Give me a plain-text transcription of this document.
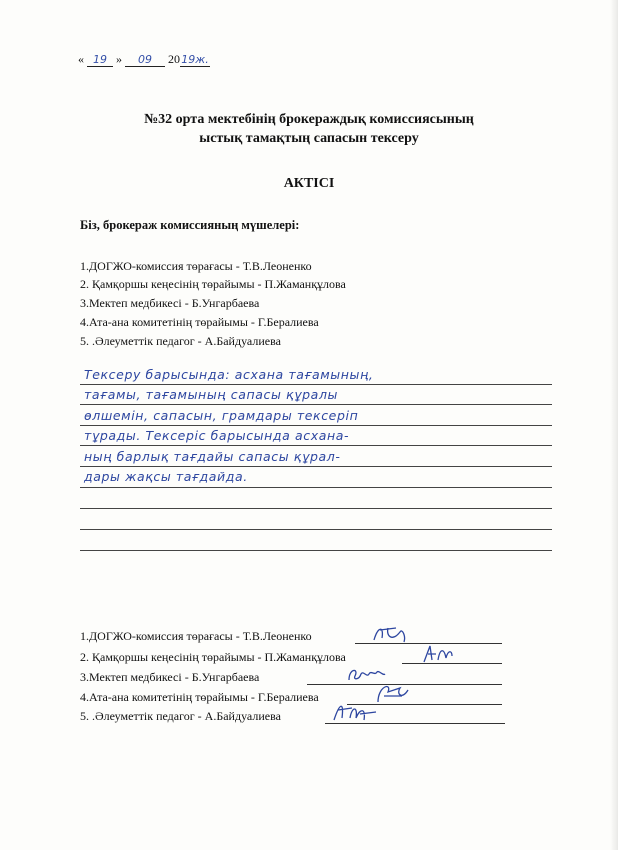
« 19 » 09 2019ж.
№32 орта мектебінің брокераждық комиссиясының
ыстық тамақтың сапасын тексеру
АКТІСІ
Біз, брокераж комиссияның мүшелері:
1.ДОГЖО-комиссия төрағасы - Т.В.Леоненко
2. Қамқоршы кеңесінің төрайымы - П.Жаманқұлова
3.Мектеп медбикесі - Б.Унгарбаева
4.Ата-ана комитетінің төрайымы - Г.Бералиева
5. .Әлеуметтік педагог - А.Байдуалиева
Тексеру барысында: асхана тағамының,
тағамы, тағамының сапасы құралы
өлшемін, сапасын, грамдары тексеріп
тұрады. Тексеріс барысында асхана-
ның барлық тағдайы сапасы құрал-
дары жақсы тағдайда.
1.ДОГЖО-комиссия төрағасы - Т.В.Леоненко
2. Қамқоршы кеңесінің төрайымы - П.Жаманқұлова
3.Мектеп медбикесі - Б.Унгарбаева
4.Ата-ана комитетінің төрайымы - Г.Бералиева
5. .Әлеуметтік педагог - А.Байдуалиева
